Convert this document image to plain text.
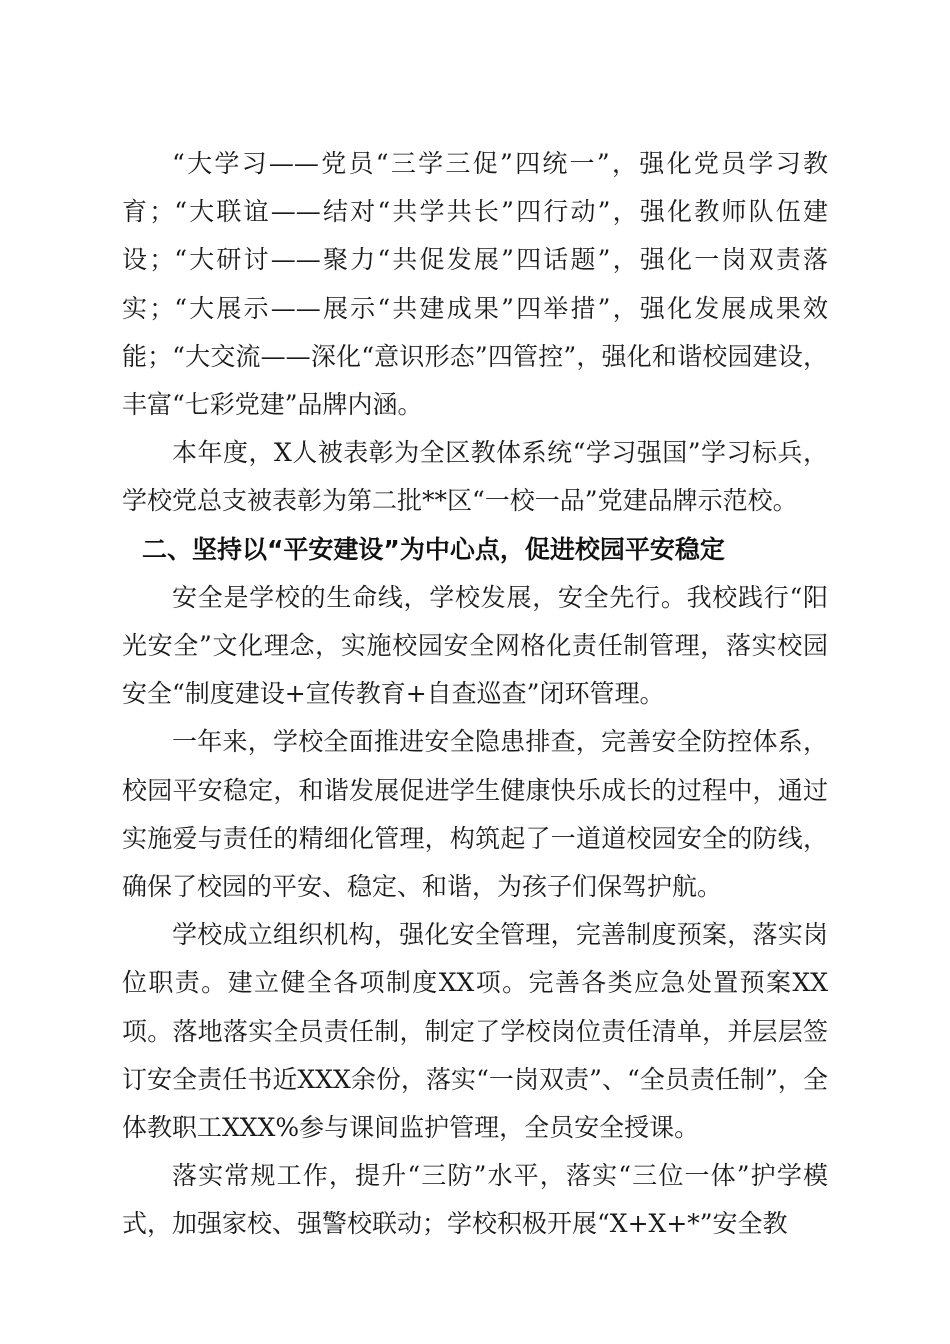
“大学习——党员“三学三促”四统一”，强化党员学习教育；“大联谊——结对“共学共长”四行动”，强化教师队伍建设；“大研讨——聚力“共促发展”四话题”，强化一岗双责落实；“大展示——展示“共建成果”四举措”，强化发展成果效能；“大交流——深化“意识形态”四管控”，强化和谐校园建设，丰富“七彩党建”品牌内涵。

本年度，X人被表彰为全区教体系统“学习强国”学习标兵，学校党总支被表彰为第二批**区“一校一品”党建品牌示范校。

二、坚持以“平安建设”为中心点，促进校园平安稳定

安全是学校的生命线，学校发展，安全先行。我校践行“阳光安全”文化理念，实施校园安全网格化责任制管理，落实校园安全“制度建设+宣传教育+自查巡查”闭环管理。

一年来，学校全面推进安全隐患排查，完善安全防控体系，校园平安稳定，和谐发展促进学生健康快乐成长的过程中，通过实施爱与责任的精细化管理，构筑起了一道道校园安全的防线，确保了校园的平安、稳定、和谐，为孩子们保驾护航。

学校成立组织机构，强化安全管理，完善制度预案，落实岗位职责。建立健全各项制度XX项。完善各类应急处置预案XX项。落地落实全员责任制，制定了学校岗位责任清单，并层层签订安全责任书近XXX余份，落实“一岗双责”、“全员责任制”，全体教职工XXX%参与课间监护管理，全员安全授课。

落实常规工作，提升“三防”水平，落实“三位一体”护学模式，加强家校、强警校联动；学校积极开展“X+X+*”安全教
